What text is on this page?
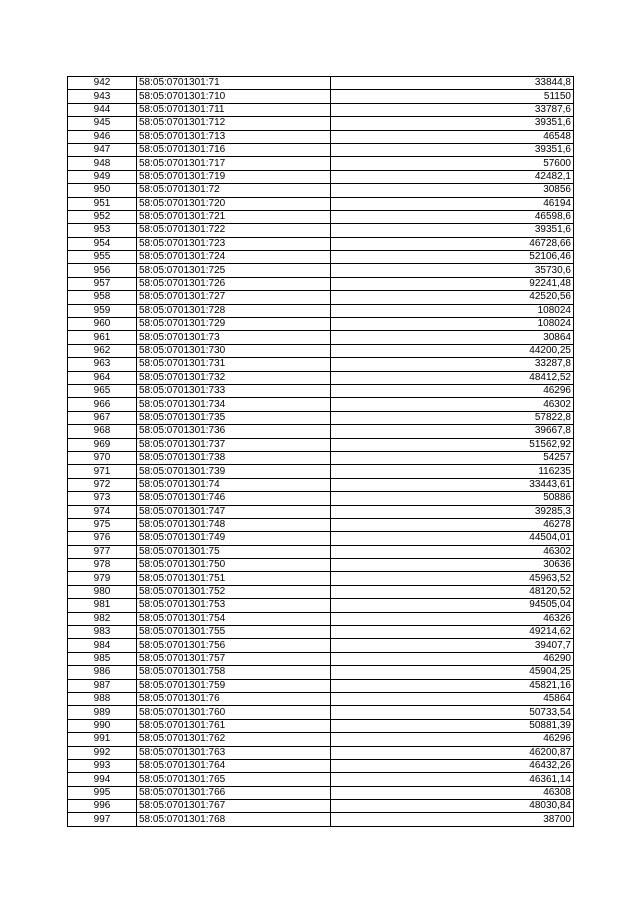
942	58:05:0701301:71	33844,8
943	58:05:0701301:710	51150
944	58:05:0701301:711	33787,6
945	58:05:0701301:712	39351,6
946	58:05:0701301:713	46548
947	58:05:0701301:716	39351,6
948	58:05:0701301:717	57600
949	58:05:0701301:719	42482,1
950	58:05:0701301:72	30856
951	58:05:0701301:720	46194
952	58:05:0701301:721	46598,6
953	58:05:0701301:722	39351,6
954	58:05:0701301:723	46728,66
955	58:05:0701301:724	52106,46
956	58:05:0701301:725	35730,6
957	58:05:0701301:726	92241,48
958	58:05:0701301:727	42520,56
959	58:05:0701301:728	108024
960	58:05:0701301:729	108024
961	58:05:0701301:73	30864
962	58:05:0701301:730	44200,25
963	58:05:0701301:731	33287,8
964	58:05:0701301:732	48412,52
965	58:05:0701301:733	46296
966	58:05:0701301:734	46302
967	58:05:0701301:735	57822,8
968	58:05:0701301:736	39667,8
969	58:05:0701301:737	51562,92
970	58:05:0701301:738	54257
971	58:05:0701301:739	116235
972	58:05:0701301:74	33443,61
973	58:05:0701301:746	50886
974	58:05:0701301:747	39285,3
975	58:05:0701301:748	46278
976	58:05:0701301:749	44504,01
977	58:05:0701301:75	46302
978	58:05:0701301:750	30636
979	58:05:0701301:751	45963,52
980	58:05:0701301:752	48120,52
981	58:05:0701301:753	94505,04
982	58:05:0701301:754	46326
983	58:05:0701301:755	49214,62
984	58:05:0701301:756	39407,7
985	58:05:0701301:757	46290
986	58:05:0701301:758	45904,25
987	58:05:0701301:759	45821,16
988	58:05:0701301:76	45864
989	58:05:0701301:760	50733,54
990	58:05:0701301:761	50881,39
991	58:05:0701301:762	46296
992	58:05:0701301:763	46200,87
993	58:05:0701301:764	46432,26
994	58:05:0701301:765	46361,14
995	58:05:0701301:766	46308
996	58:05:0701301:767	48030,84
997	58:05:0701301:768	38700
